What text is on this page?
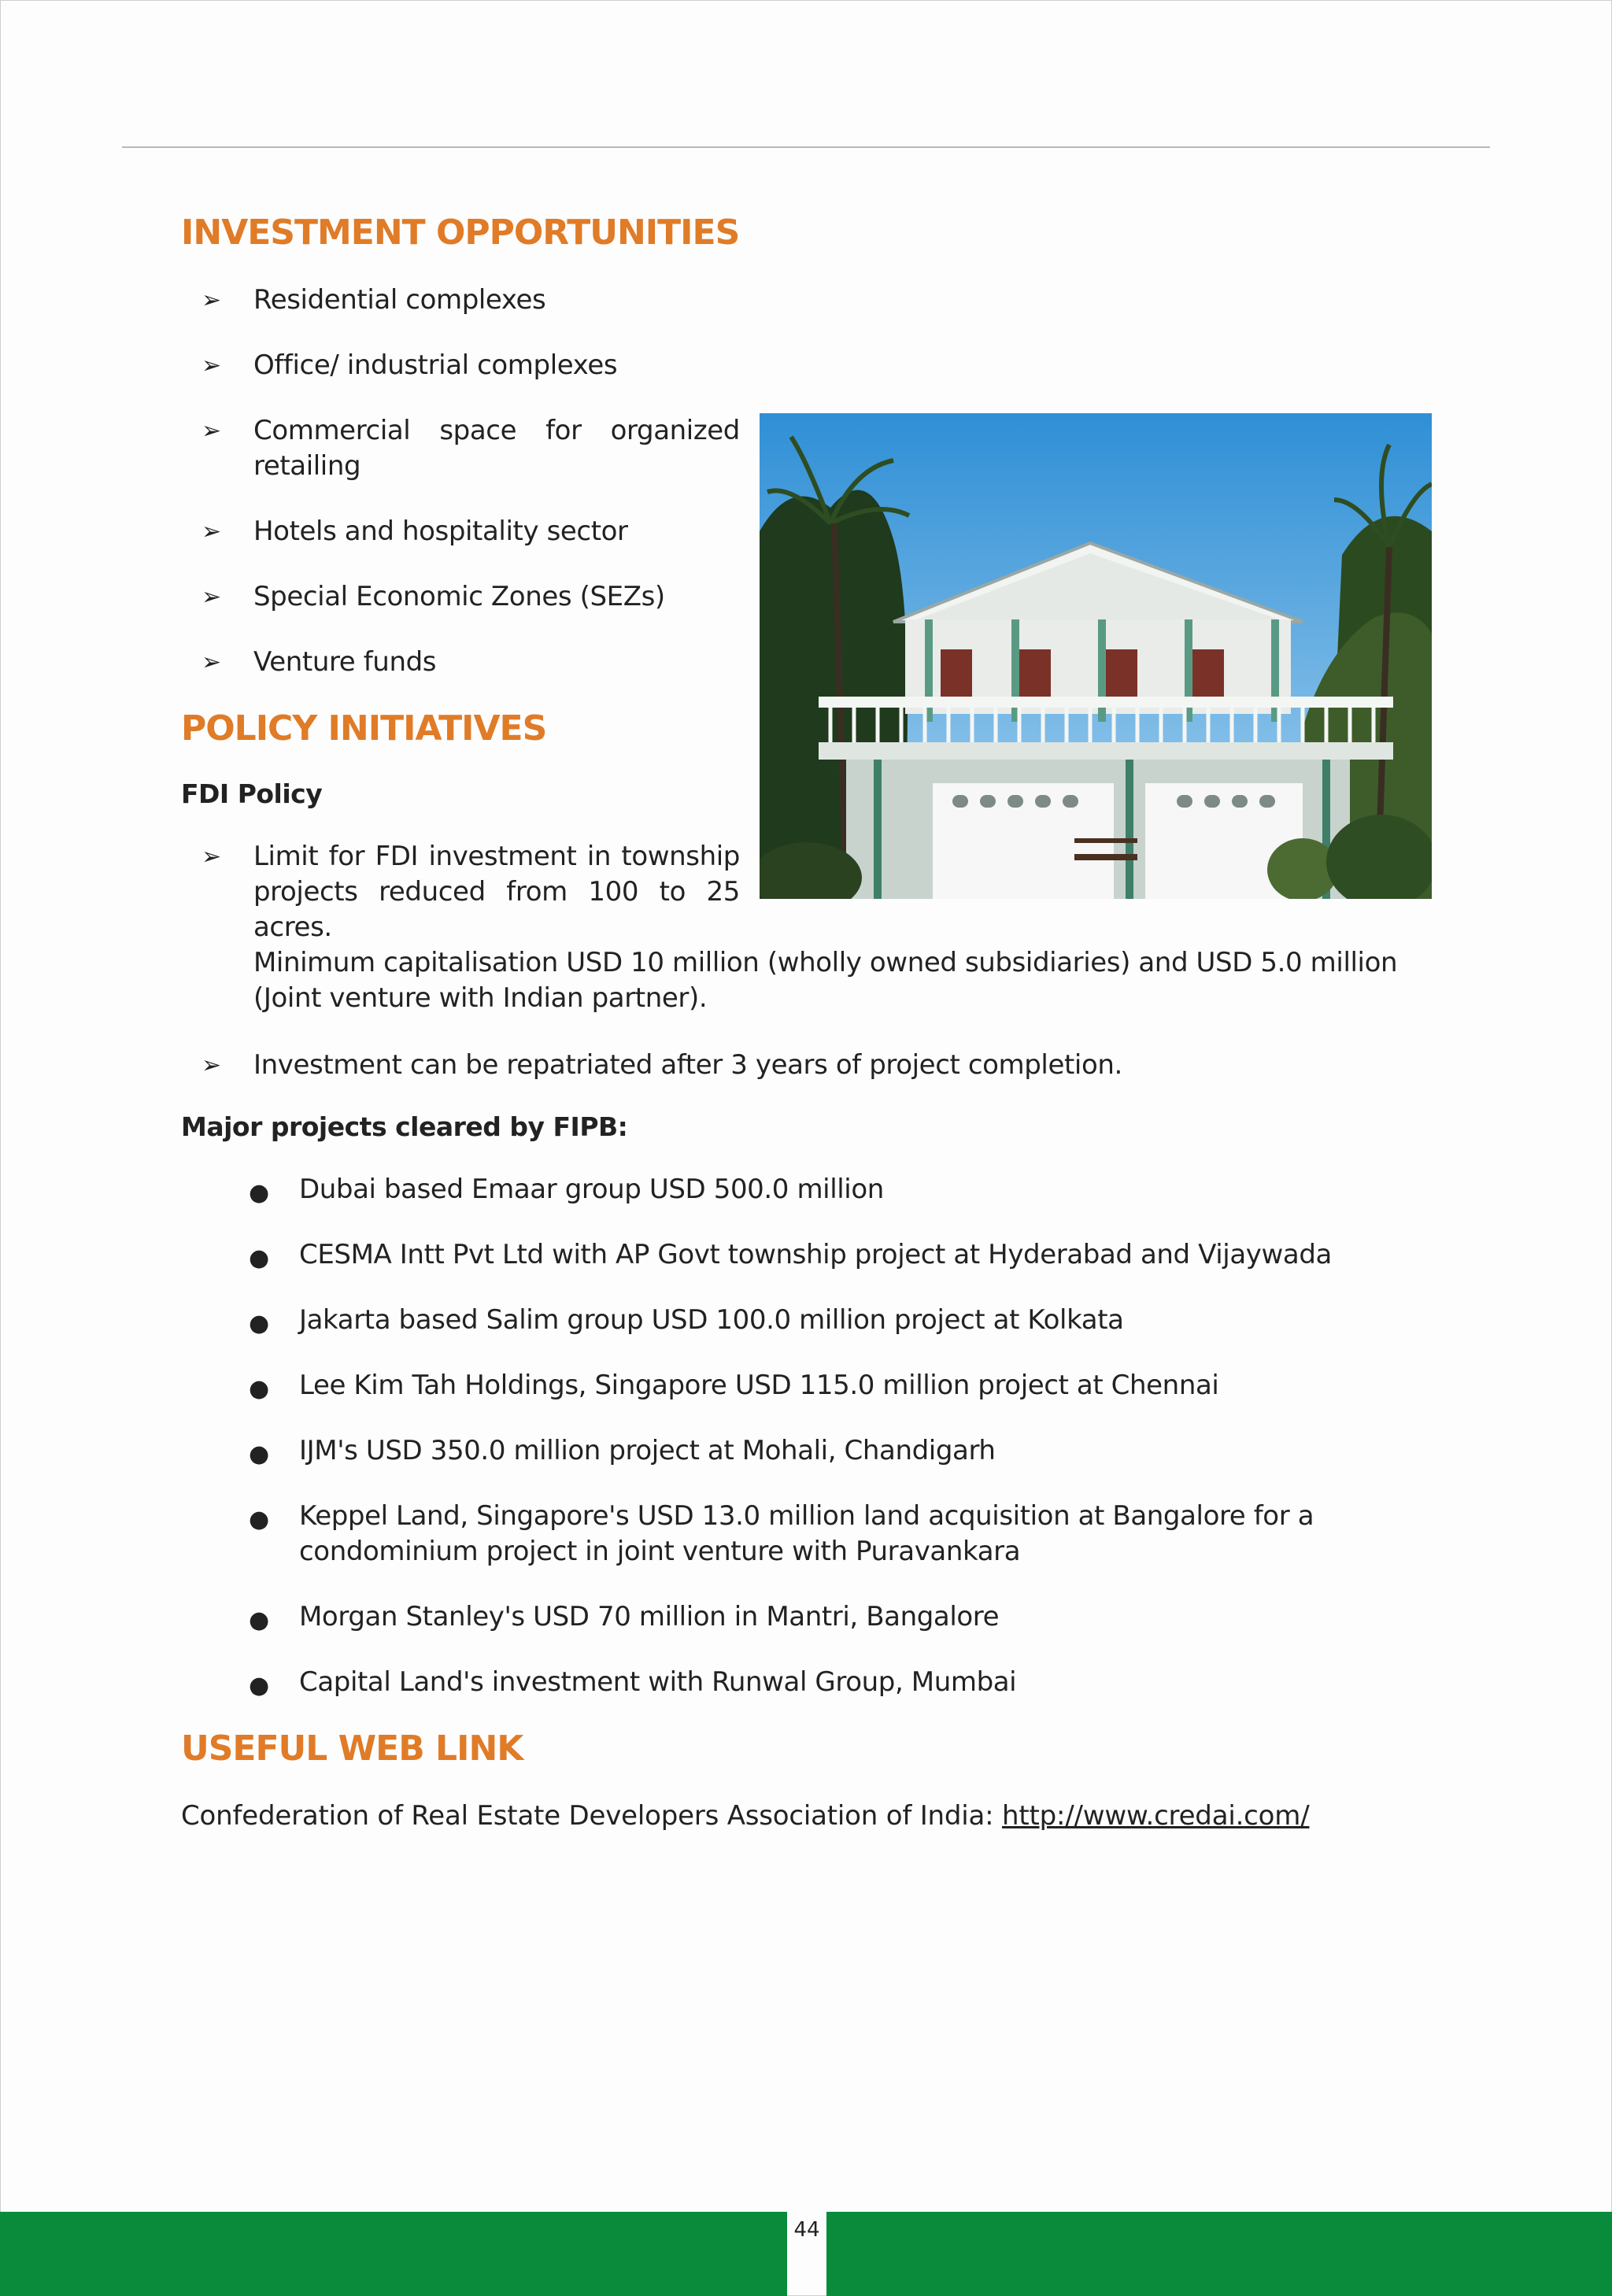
INVESTMENT OPPORTUNITIES
➢ Residential complexes
➢ Office/ industrial complexes
➢ Commercial space for organized retailing
➢ Hotels and hospitality sector
➢ Special Economic Zones (SEZs)
➢ Venture funds
POLICY INITIATIVES

FDI Policy

➢ Limit for FDI investment in township projects reduced from 100 to 25 acres.
Minimum capitalisation USD 10 million (wholly owned subsidiaries) and USD 5.0 million (Joint venture with Indian partner).
➢ Investment can be repatriated after 3 years of project completion.

Major projects cleared by FIPB:

● Dubai based Emaar group USD 500.0 million
● CESMA Intt Pvt Ltd with AP Govt township project at Hyderabad and Vijaywada
● Jakarta based Salim group USD 100.0 million project at Kolkata
● Lee Kim Tah Holdings, Singapore USD 115.0 million project at Chennai
● IJM's USD 350.0 million project at Mohali, Chandigarh
● Keppel Land, Singapore's USD 13.0 million land acquisition at Bangalore for a condominium project in joint venture with Puravankara
● Morgan Stanley's USD 70 million in Mantri, Bangalore
● Capital Land's investment with Runwal Group, Mumbai
USEFUL WEB LINK

Confederation of Real Estate Developers Association of India: http://www.credai.com/

44
